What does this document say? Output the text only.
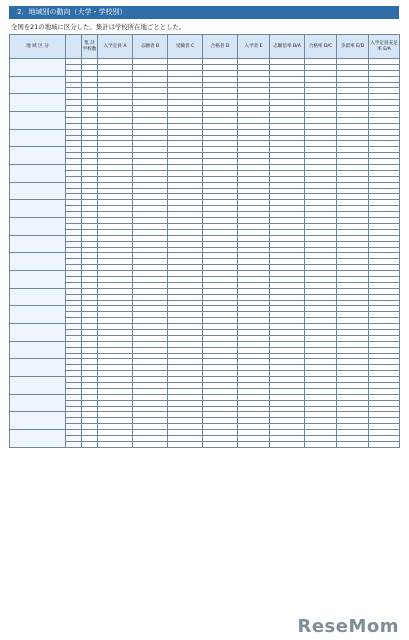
2．地域別の動向（大学・学校別）
全国を21の地域に区分した。集計は学校所在地ごととした。
地 域 区 分		集 計 学校数	入学定員 A	志願者 B	受験者 C	合格者 D	入学者 E	志願倍率 B/A	合格率 D/C	歩留率 E/D	入学定員充足率 E/A

ReseMom
